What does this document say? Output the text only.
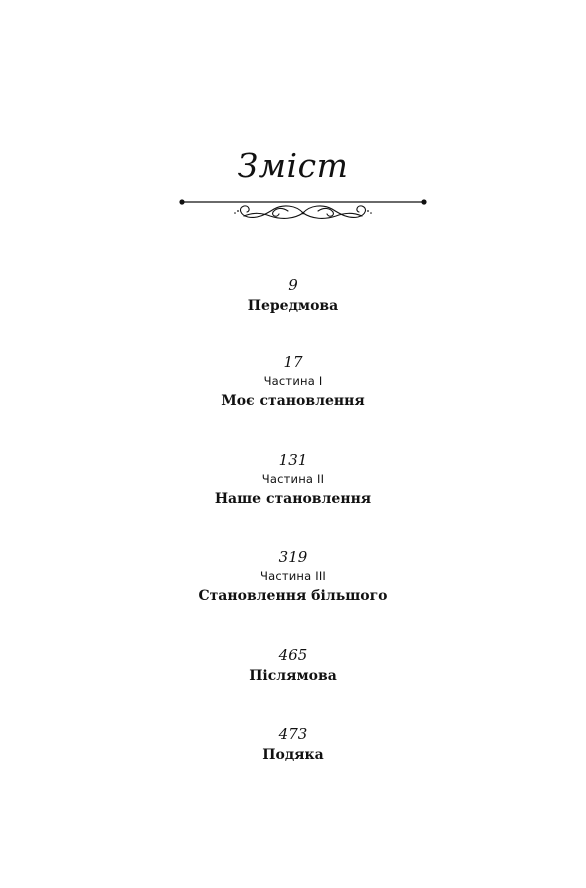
Зміст
9
Передмова
17
Частина І
Моє становлення
131
Частина ІІ
Наше становлення
319
Частина ІІІ
Становлення більшого
465
Післямова
473
Подяка
